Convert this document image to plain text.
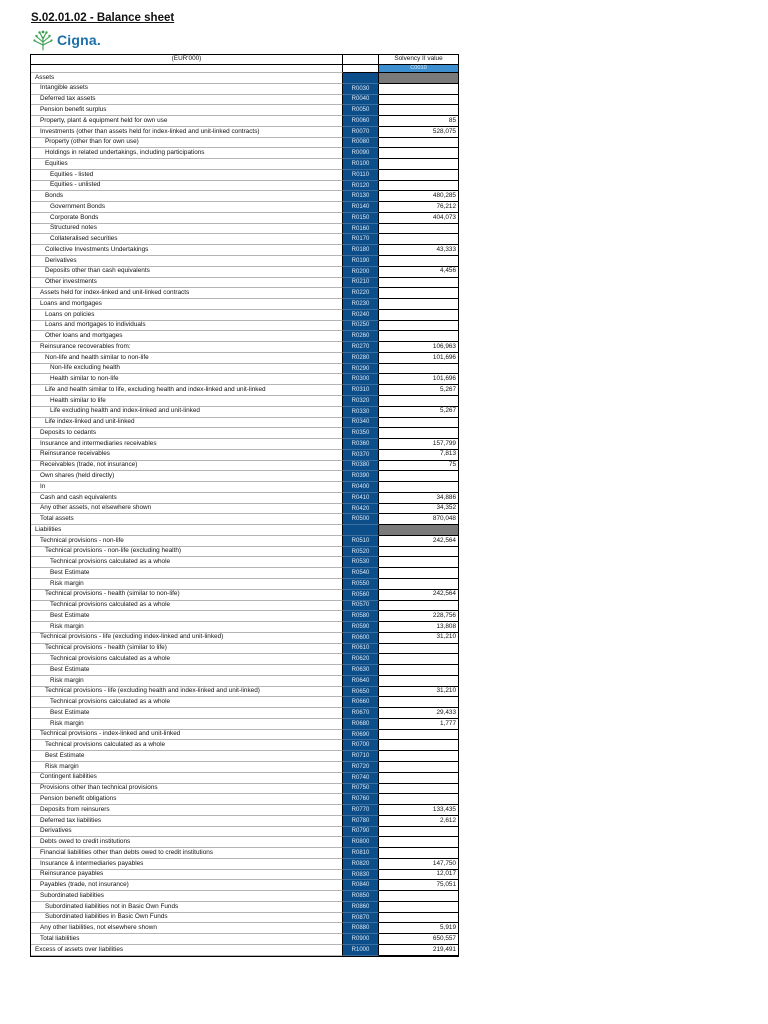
S.02.01.02 - Balance sheet
Cigna.
(EUR'000)	Solvency II value
C0010
Assets
Intangible assets	R0030
Deferred tax assets	R0040
Pension benefit surplus	R0050
Property, plant & equipment held for own use	R0060	85
Investments (other than assets held for index-linked and unit-linked contracts)	R0070	528,075
Property (other than for own use)	R0080
Holdings in related undertakings, including participations	R0090
Equities	R0100
Equities - listed	R0110
Equities - unlisted	R0120
Bonds	R0130	480,285
Government Bonds	R0140	76,212
Corporate Bonds	R0150	404,073
Structured notes	R0160
Collateralised securities	R0170
Collective Investments Undertakings	R0180	43,333
Derivatives	R0190
Deposits other than cash equivalents	R0200	4,456
Other investments	R0210
Assets held for index-linked and unit-linked contracts	R0220
Loans and mortgages	R0230
Loans on policies	R0240
Loans and mortgages to individuals	R0250
Other loans and mortgages	R0260
Reinsurance recoverables from:	R0270	106,963
Non-life and health similar to non-life	R0280	101,696
Non-life excluding health	R0290
Health similar to non-life	R0300	101,696
Life and health similar to life, excluding health and index-linked and unit-linked	R0310	5,267
Health similar to life	R0320
Life excluding health and index-linked and unit-linked	R0330	5,267
Life index-linked and unit-linked	R0340
Deposits to cedants	R0350
Insurance and intermediaries receivables	R0360	157,799
Reinsurance receivables	R0370	7,813
Receivables (trade, not insurance)	R0380	75
Own shares (held directly)	R0390
In	R0400
Cash and cash equivalents	R0410	34,886
Any other assets, not elsewhere shown	R0420	34,352
Total assets	R0500	870,048
Liabilities
Technical provisions - non-life	R0510	242,564
Technical provisions - non-life (excluding health)	R0520
Technical provisions calculated as a whole	R0530
Best Estimate	R0540
Risk margin	R0550
Technical provisions - health (similar to non-life)	R0560	242,564
Technical provisions calculated as a whole	R0570
Best Estimate	R0580	228,756
Risk margin	R0590	13,808
Technical provisions - life (excluding index-linked and unit-linked)	R0600	31,210
Technical provisions - health (similar to life)	R0610
Technical provisions calculated as a whole	R0620
Best Estimate	R0630
Risk margin	R0640
Technical provisions - life (excluding health and index-linked and unit-linked)	R0650	31,210
Technical provisions calculated as a whole	R0660
Best Estimate	R0670	29,433
Risk margin	R0680	1,777
Technical provisions - index-linked and unit-linked	R0690
Technical provisions calculated as a whole	R0700
Best Estimate	R0710
Risk margin	R0720
Contingent liabilities	R0740
Provisions other than technical provisions	R0750
Pension benefit obligations	R0760
Deposits from reinsurers	R0770	133,435
Deferred tax liabilities	R0780	2,612
Derivatives	R0790
Debts owed to credit institutions	R0800
Financial liabilities other than debts owed to credit institutions	R0810
Insurance & intermediaries payables	R0820	147,750
Reinsurance payables	R0830	12,017
Payables (trade, not insurance)	R0840	75,051
Subordinated liabilities	R0850
Subordinated liabilities not in Basic Own Funds	R0860
Subordinated liabilities in Basic Own Funds	R0870
Any other liabilities, not elsewhere shown	R0880	5,919
Total liabilities	R0900	650,557
Excess of assets over liabilities	R1000	219,491
